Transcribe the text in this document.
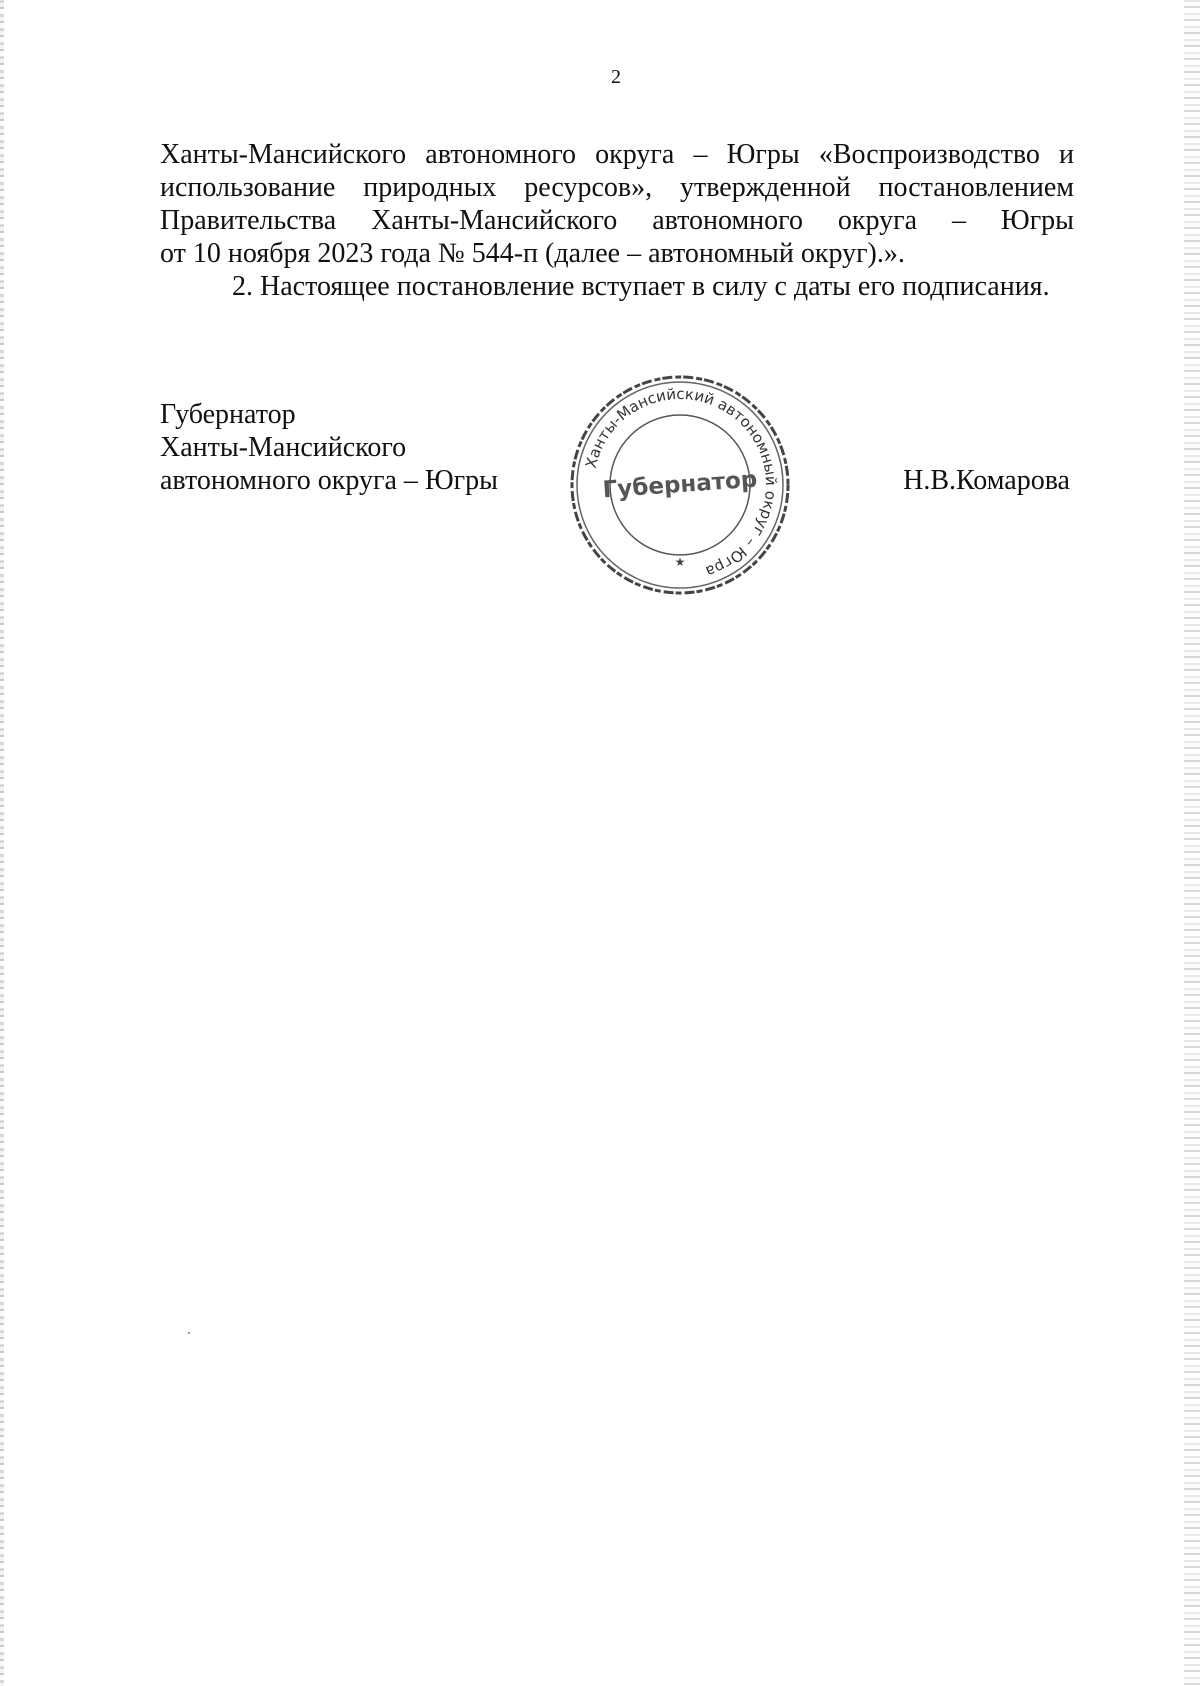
2

Ханты-Мансийского автономного округа – Югры «Воспроизводство и

использование природных ресурсов», утвержденной постановлением

Правительства Ханты-Мансийского автономного округа – Югры

от 10 ноября 2023 года № 544-п (далее – автономный округ).».

2. Настоящее постановление вступает в силу с даты его подписания.

Губернатор
Ханты-Мансийского
автономного округа – Югры
Ханты-Мансийский автономный округ – Югра
Губернатор
★
Н.В.Комарова
